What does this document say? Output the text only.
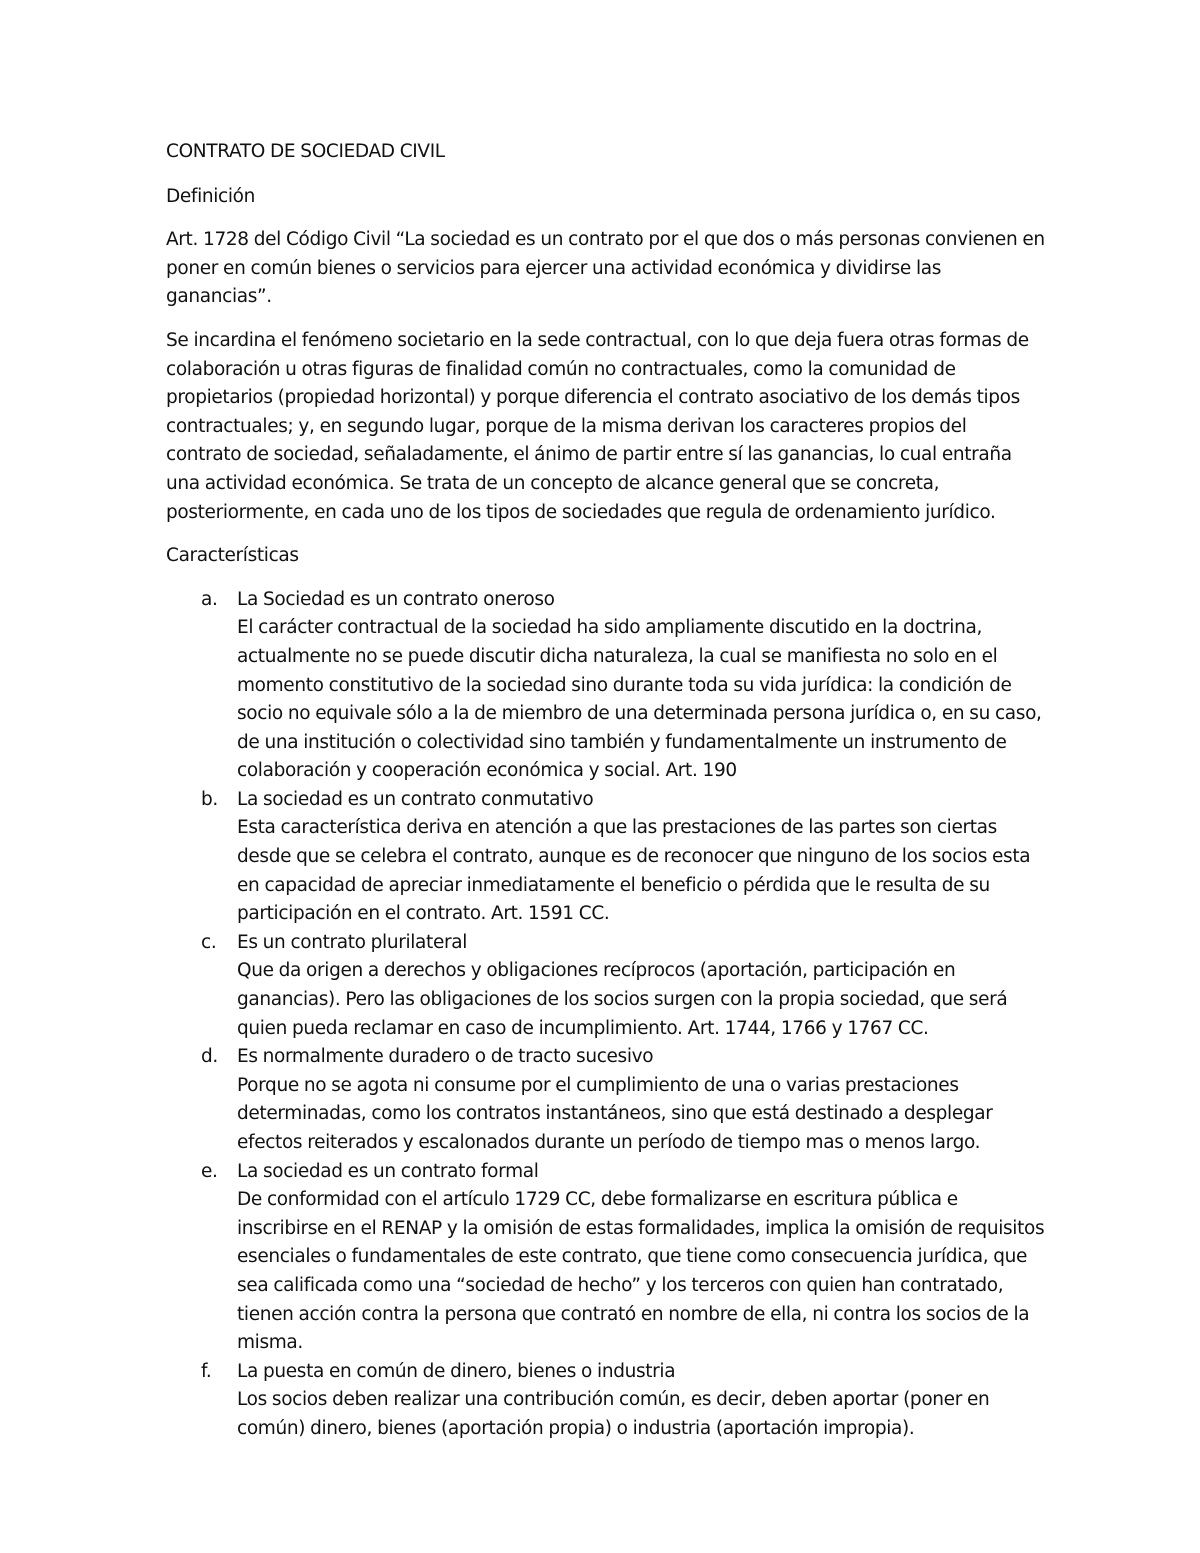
CONTRATO DE SOCIEDAD CIVIL

Definición

Art. 1728 del Código Civil “La sociedad es un contrato por el que dos o más personas convienen en poner en común bienes o servicios para ejercer una actividad económica y dividirse las ganancias”.

Se incardina el fenómeno societario en la sede contractual, con lo que deja fuera otras formas de colaboración u otras figuras de finalidad común no contractuales, como la comunidad de propietarios (propiedad horizontal) y porque diferencia el contrato asociativo de los demás tipos contractuales; y, en segundo lugar, porque de la misma derivan los caracteres propios del contrato de sociedad, señaladamente, el ánimo de partir entre sí las ganancias, lo cual entraña una actividad económica. Se trata de un concepto de alcance general que se concreta, posteriormente, en cada uno de los tipos de sociedades que regula de ordenamiento jurídico.

Características

a. La Sociedad es un contrato oneroso
El carácter contractual de la sociedad ha sido ampliamente discutido en la doctrina, actualmente no se puede discutir dicha naturaleza, la cual se manifiesta no solo en el momento constitutivo de la sociedad sino durante toda su vida jurídica: la condición de socio no equivale sólo a la de miembro de una determinada persona jurídica o, en su caso, de una institución o colectividad sino también y fundamentalmente un instrumento de colaboración y cooperación económica y social. Art. 190
b. La sociedad es un contrato conmutativo
Esta característica deriva en atención a que las prestaciones de las partes son ciertas desde que se celebra el contrato, aunque es de reconocer que ninguno de los socios esta en capacidad de apreciar inmediatamente el beneficio o pérdida que le resulta de su participación en el contrato. Art. 1591 CC.
c. Es un contrato plurilateral
Que da origen a derechos y obligaciones recíprocos (aportación, participación en ganancias). Pero las obligaciones de los socios surgen con la propia sociedad, que será quien pueda reclamar en caso de incumplimiento. Art. 1744, 1766 y 1767 CC.
d. Es normalmente duradero o de tracto sucesivo
Porque no se agota ni consume por el cumplimiento de una o varias prestaciones determinadas, como los contratos instantáneos, sino que está destinado a desplegar efectos reiterados y escalonados durante un período de tiempo mas o menos largo.
e. La sociedad es un contrato formal
De conformidad con el artículo 1729 CC, debe formalizarse en escritura pública e inscribirse en el RENAP y la omisión de estas formalidades, implica la omisión de requisitos esenciales o fundamentales de este contrato, que tiene como consecuencia jurídica, que sea calificada como una “sociedad de hecho” y los terceros con quien han contratado, tienen acción contra la persona que contrató en nombre de ella, ni contra los socios de la misma.
f. La puesta en común de dinero, bienes o industria
Los socios deben realizar una contribución común, es decir, deben aportar (poner en común) dinero, bienes (aportación propia) o industria (aportación impropia).
